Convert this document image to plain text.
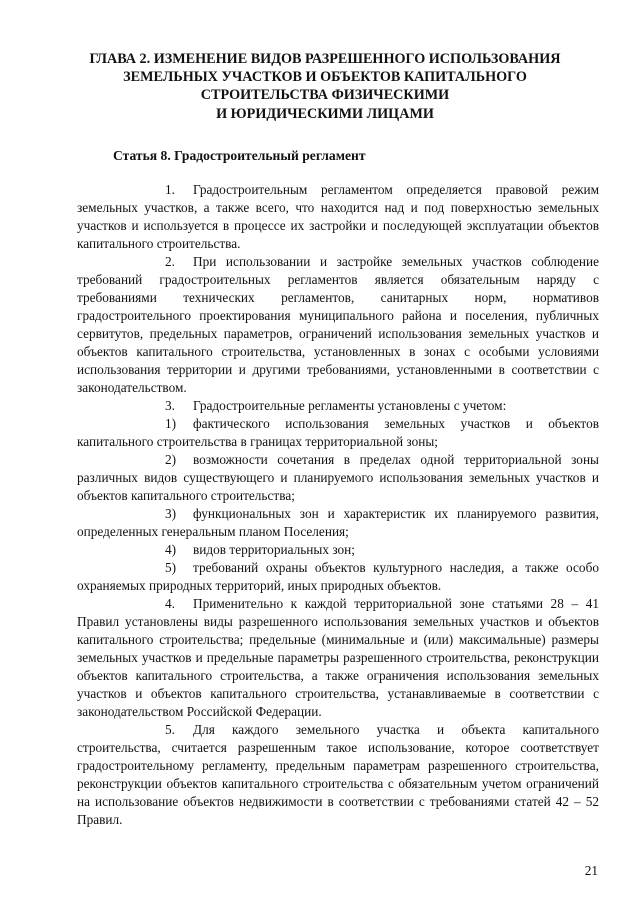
ГЛАВА 2. ИЗМЕНЕНИЕ ВИДОВ РАЗРЕШЕННОГО ИСПОЛЬЗОВАНИЯ
ЗЕМЕЛЬНЫХ УЧАСТКОВ И ОБЪЕКТОВ КАПИТАЛЬНОГО
СТРОИТЕЛЬСТВА ФИЗИЧЕСКИМИ
И ЮРИДИЧЕСКИМИ ЛИЦАМИ
Статья 8. Градостроительный регламент

1. Градостроительным регламентом определяется правовой режим земельных участков, а также всего, что находится над и под поверхностью земельных участков и используется в процессе их застройки и последующей эксплуатации объектов капитального строительства.

2. При использовании и застройке земельных участков соблюдение требований градостроительных регламентов является обязательным наряду с требованиями технических регламентов, санитарных норм, нормативов градостроительного проектирования муниципального района и поселения, публичных сервитутов, предельных параметров, ограничений использования земельных участков и объектов капитального строительства, установленных в зонах с особыми условиями использования территории и другими требованиями, установленными в соответствии с законодательством.

3. Градостроительные регламенты установлены с учетом:

1) фактического использования земельных участков и объектов капитального строительства в границах территориальной зоны;

2) возможности сочетания в пределах одной территориальной зоны различных видов существующего и планируемого использования земельных участков и объектов капитального строительства;

3) функциональных зон и характеристик их планируемого развития, определенных генеральным планом Поселения;

4) видов территориальных зон;

5) требований охраны объектов культурного наследия, а также особо охраняемых природных территорий, иных природных объектов.

4. Применительно к каждой территориальной зоне статьями 28 – 41 Правил установлены виды разрешенного использования земельных участков и объектов капитального строительства; предельные (минимальные и (или) максимальные) размеры земельных участков и предельные параметры разрешенного строительства, реконструкции объектов капитального строительства, а также ограничения использования земельных участков и объектов капитального строительства, устанавливаемые в соответствии с законодательством Российской Федерации.

5. Для каждого земельного участка и объекта капитального строительства, считается разрешенным такое использование, которое соответствует градостроительному регламенту, предельным параметрам разрешенного строительства, реконструкции объектов капитального строительства с обязательным учетом ограничений на использование объектов недвижимости в соответствии с требованиями статей 42 – 52 Правил.

21
